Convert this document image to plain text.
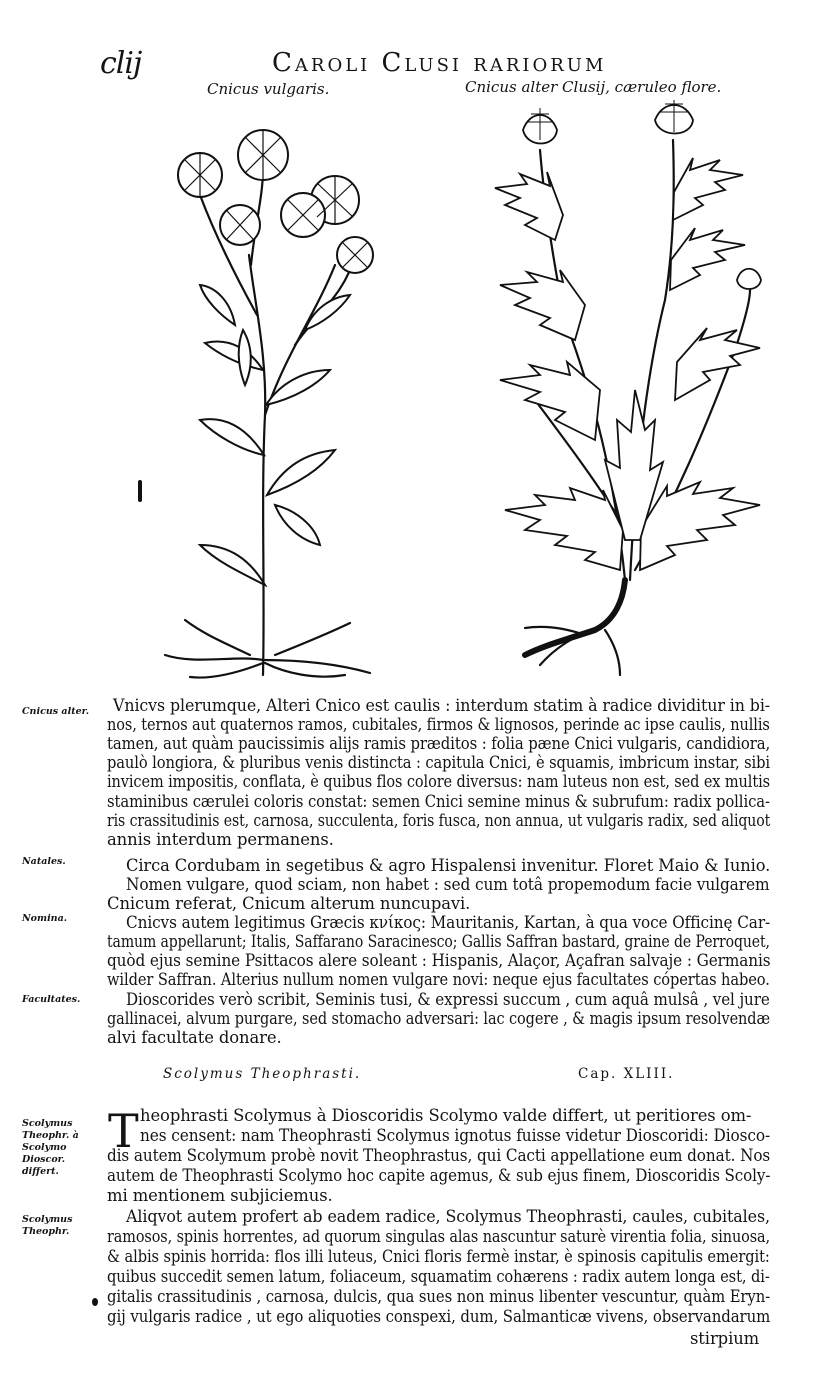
clij	Caroli Clusi rariorum
Cnicus vulgaris.	Cnicus alter Clusij, cæruleo flore.
Cnicus alter.
Natales.
Nomina.
Facultates.
Vnicvs plerumque, Alteri Cnico est caulis : interdum statim à radice dividitur in bi-
nos, ternos aut quaternos ramos, cubitales, firmos & lignosos, perinde ac ipse caulis, nullis
tamen, aut quàm paucissimis alijs ramis præditos : folia pæne Cnici vulgaris, candidiora,
paulò longiora, & pluribus venis distincta : capitula Cnici, è squamis, imbricum instar, sibi
invicem impositis, conflata, è quibus flos colore diversus: nam luteus non est, sed ex multis
staminibus cærulei coloris constat: semen Cnici semine minus & subrufum: radix pollica-
ris crassitudinis est, carnosa, succulenta, foris fusca, non annua, ut vulgaris radix, sed aliquot
annis interdum permanens.
Circa Cordubam in segetibus & agro Hispalensi invenitur. Floret Maio & Iunio.
Nomen vulgare, quod sciam, non habet : sed cum totâ propemodum facie vulgarem
Cnicum referat, Cnicum alterum nuncupavi.
Cnicvs autem legitimus Græcis κνίκος: Mauritanis, Kartan, à qua voce Officinę Car-
tamum appellarunt; Italis, Saffarano Saracinesco; Gallis Saffran bastard, graine de Perroquet,
quòd ejus semine Psittacos alere soleant : Hispanis, Alaçor, Açafran salvaje : Germanis
wilder Saffran. Alterius nullum nomen vulgare novi: neque ejus facultates cópertas habeo.
Dioscorides verò scribit, Seminis tusi, & expressi succum , cum aquâ mulsâ , vel jure
gallinacei, alvum purgare, sed stomacho adversari: lac cogere , & magis ipsum resolvendæ
alvi facultate donare.
Scolymus Theophrasti.	Cap. XLIII.
Scolymus Theophr. à Scolymo Dioscor. differt.
Scolymus Theophr.
T heophrasti Scolymus à Dioscoridis Scolymo valde differt, ut peritiores om-
nes censent: nam Theophrasti Scolymus ignotus fuisse videtur Dioscoridi: Diosco-
dis autem Scolymum probè novit Theophrastus, qui Cacti appellatione eum donat. Nos
autem de Theophrasti Scolymo hoc capite agemus, & sub ejus finem, Dioscoridis Scoly-
mi mentionem subjiciemus.
Aliqvot autem profert ab eadem radice, Scolymus Theophrasti, caules, cubitales,
ramosos, spinis horrentes, ad quorum singulas alas nascuntur saturè virentia folia, sinuosa,
& albis spinis horrida: flos illi luteus, Cnici floris fermè instar, è spinosis capitulis emergit:
quibus succedit semen latum, foliaceum, squamatim cohærens : radix autem longa est, di-
gitalis crassitudinis , carnosa, dulcis, qua sues non minus libenter vescuntur, quàm Eryn-
gij vulgaris radice , ut ego aliquoties conspexi, dum, Salmanticæ vivens, observandarum
stirpium
